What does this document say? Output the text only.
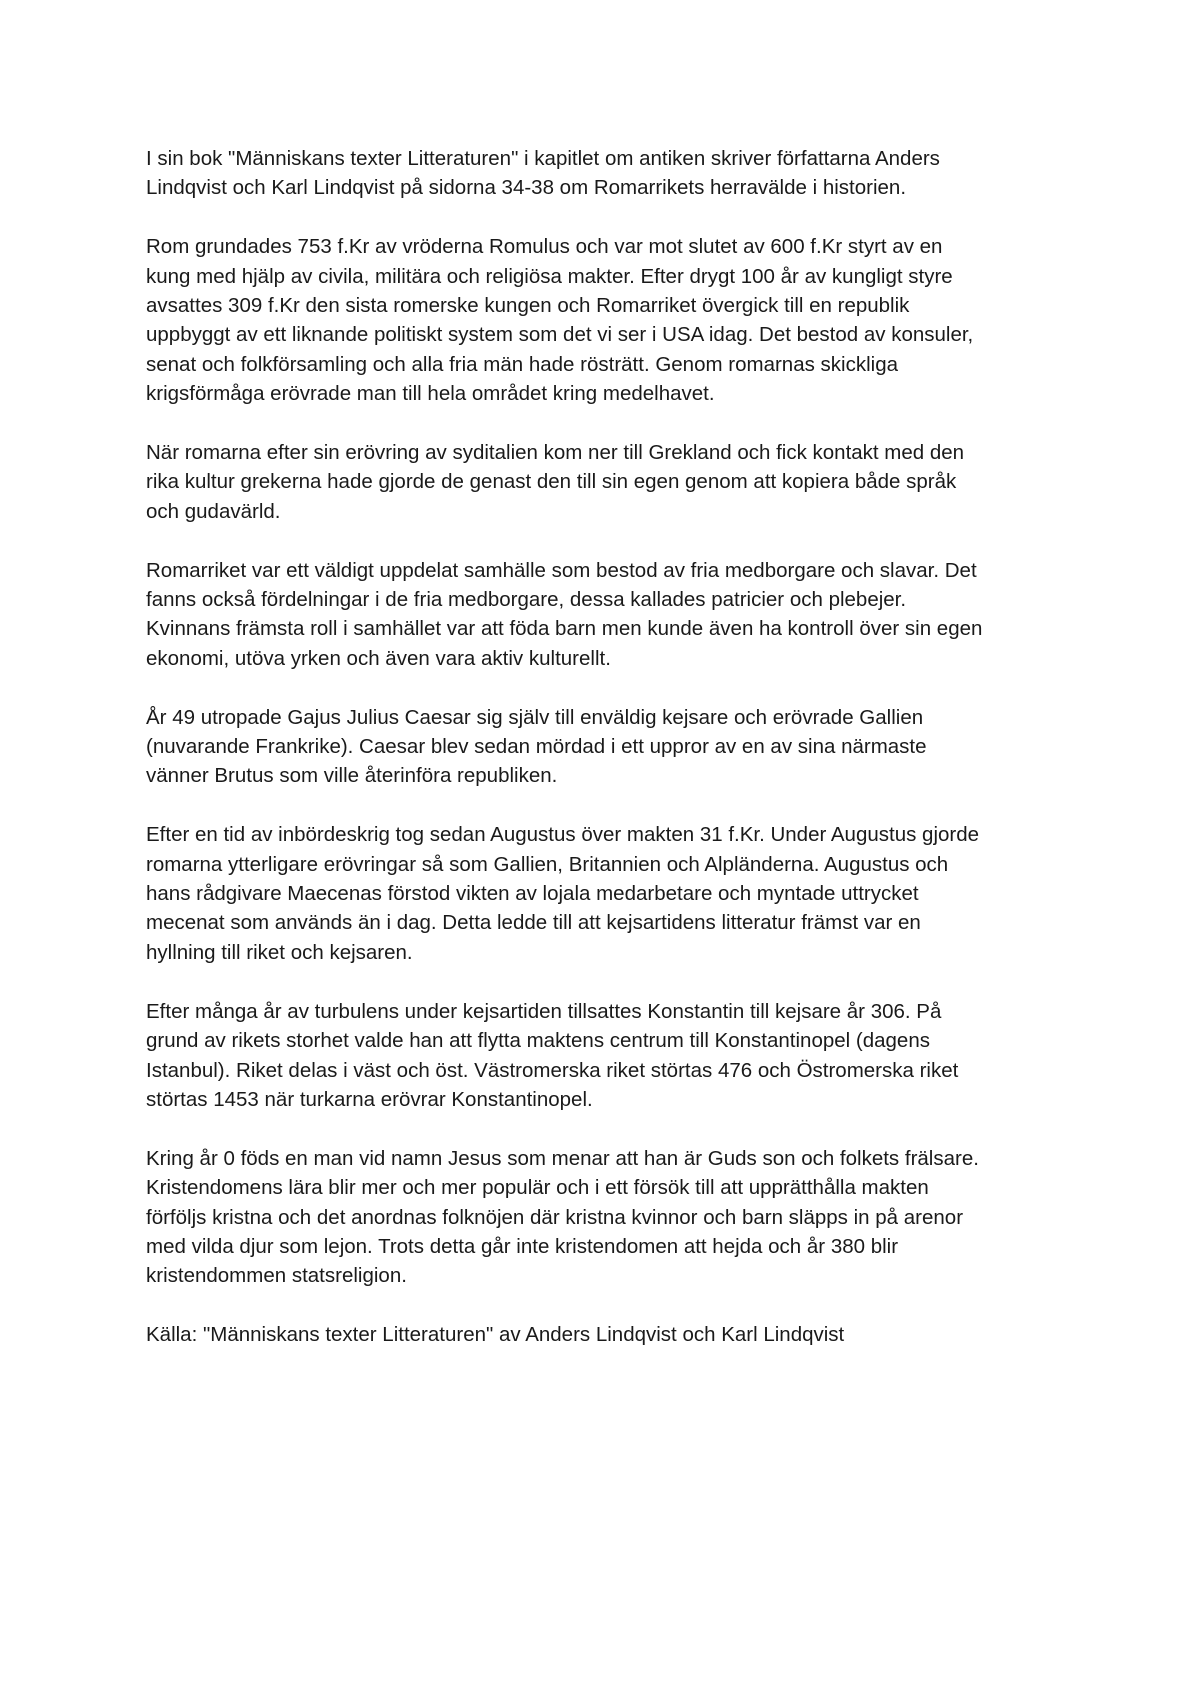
I sin bok "Människans texter Litteraturen" i kapitlet om antiken skriver författarna Anders
Lindqvist och Karl Lindqvist på sidorna 34-38 om Romarrikets herravälde i historien.

Rom grundades 753 f.Kr av vröderna Romulus och var mot slutet av 600 f.Kr styrt av en
kung med hjälp av civila, militära och religiösa makter. Efter drygt 100 år av kungligt styre
avsattes 309 f.Kr den sista romerske kungen och Romarriket övergick till en republik
uppbyggt av ett liknande politiskt system som det vi ser i USA idag. Det bestod av konsuler,
senat och folkförsamling och alla fria män hade rösträtt. Genom romarnas skickliga
krigsförmåga erövrade man till hela området kring medelhavet.

När romarna efter sin erövring av syditalien kom ner till Grekland och fick kontakt med den
rika kultur grekerna hade gjorde de genast den till sin egen genom att kopiera både språk
och gudavärld.

Romarriket var ett väldigt uppdelat samhälle som bestod av fria medborgare och slavar. Det
fanns också fördelningar i de fria medborgare, dessa kallades patricier och plebejer.
Kvinnans främsta roll i samhället var att föda barn men kunde även ha kontroll över sin egen
ekonomi, utöva yrken och även vara aktiv kulturellt.

År 49 utropade Gajus Julius Caesar sig själv till enväldig kejsare och erövrade Gallien
(nuvarande Frankrike). Caesar blev sedan mördad i ett uppror av en av sina närmaste
vänner Brutus som ville återinföra republiken.

Efter en tid av inbördeskrig tog sedan Augustus över makten 31 f.Kr. Under Augustus gjorde
romarna ytterligare erövringar så som Gallien, Britannien och Alpländerna. Augustus och
hans rådgivare Maecenas förstod vikten av lojala medarbetare och myntade uttrycket
mecenat som används än i dag. Detta ledde till att kejsartidens litteratur främst var en
hyllning till riket och kejsaren.

Efter många år av turbulens under kejsartiden tillsattes Konstantin till kejsare år 306. På
grund av rikets storhet valde han att flytta maktens centrum till Konstantinopel (dagens
Istanbul). Riket delas i väst och öst. Västromerska riket störtas 476 och Östromerska riket
störtas 1453 när turkarna erövrar Konstantinopel.

Kring år 0 föds en man vid namn Jesus som menar att han är Guds son och folkets frälsare.
Kristendomens lära blir mer och mer populär och i ett försök till att upprätthålla makten
förföljs kristna och det anordnas folknöjen där kristna kvinnor och barn släpps in på arenor
med vilda djur som lejon. Trots detta går inte kristendomen att hejda och år 380 blir
kristendommen statsreligion.

Källa: "Människans texter Litteraturen" av Anders Lindqvist och Karl Lindqvist
